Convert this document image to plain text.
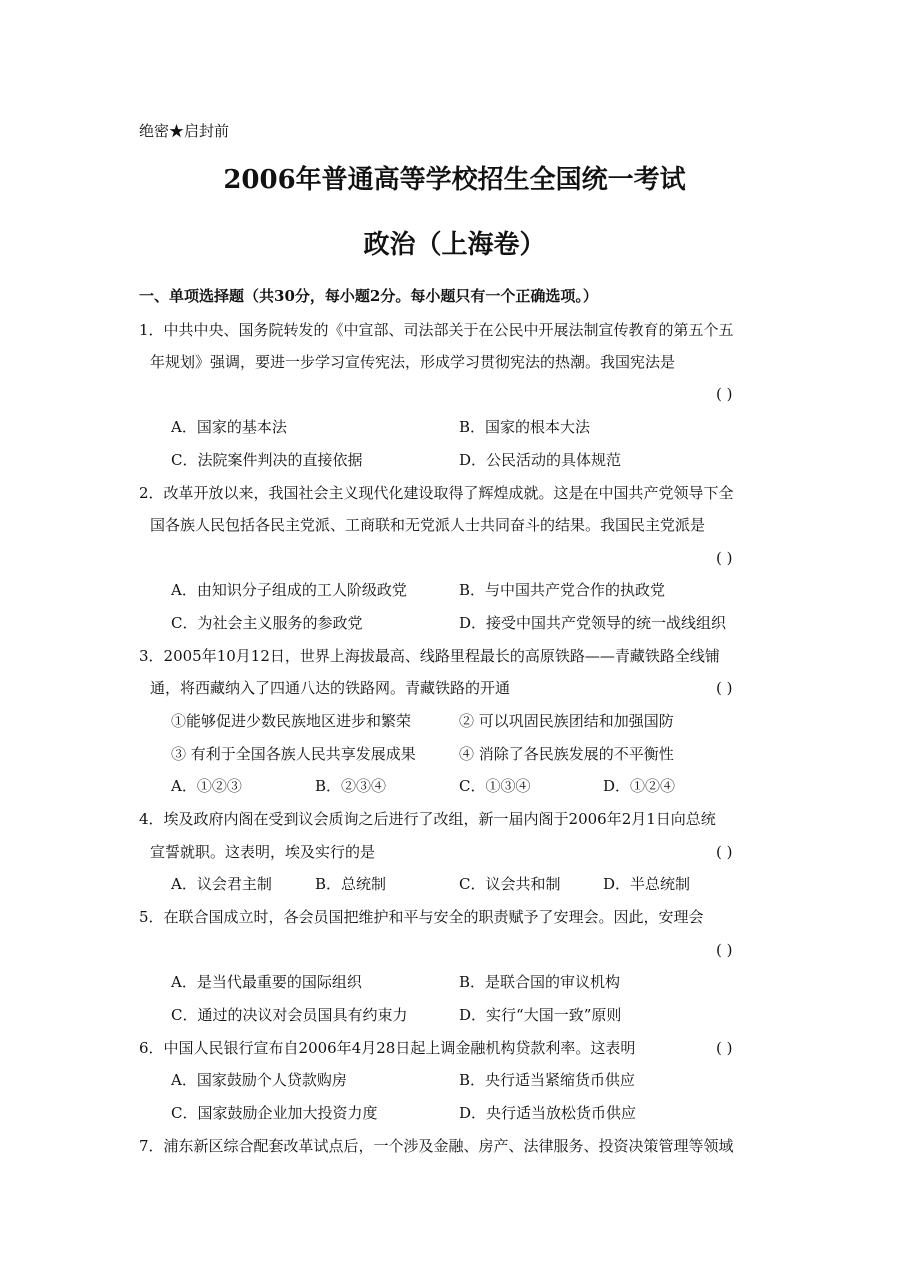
绝密★启封前
2006年普通高等学校招生全国统一考试
政治（上海卷）
一、单项选择题（共30分，每小题2分。每小题只有一个正确选项。）
1．中共中央、国务院转发的《中宣部、司法部关于在公民中开展法制宣传教育的第五个五
年规划》强调，要进一步学习宣传宪法，形成学习贯彻宪法的热潮。我国宪法是
( )
A．国家的基本法	B．国家的根本大法
C．法院案件判决的直接依据	D．公民活动的具体规范
2．改革开放以来，我国社会主义现代化建设取得了辉煌成就。这是在中国共产党领导下全
国各族人民包括各民主党派、工商联和无党派人士共同奋斗的结果。我国民主党派是
( )
A．由知识分子组成的工人阶级政党	B．与中国共产党合作的执政党
C．为社会主义服务的参政党	D．接受中国共产党领导的统一战线组织
3．2005年10月12日，世界上海拔最高、线路里程最长的高原铁路——青藏铁路全线铺
通，将西藏纳入了四通八达的铁路网。青藏铁路的开通	( )
①能够促进少数民族地区进步和繁荣	② 可以巩固民族团结和加强国防
③ 有利于全国各族人民共享发展成果	④ 消除了各民族发展的不平衡性
A．①②③	B．②③④	C．①③④	D．①②④
4．埃及政府内阁在受到议会质询之后进行了改组，新一届内阁于2006年2月1日向总统
宣誓就职。这表明，埃及实行的是	( )
A．议会君主制	B．总统制	C．议会共和制	D．半总统制
5．在联合国成立时，各会员国把维护和平与安全的职责赋予了安理会。因此，安理会
( )
A．是当代最重要的国际组织	B．是联合国的审议机构
C．通过的决议对会员国具有约束力	D．实行“大国一致”原则
6．中国人民银行宣布自2006年4月28日起上调金融机构贷款利率。这表明	( )
A．国家鼓励个人贷款购房	B．央行适当紧缩货币供应
C．国家鼓励企业加大投资力度	D．央行适当放松货币供应
7．浦东新区综合配套改革试点后，一个涉及金融、房产、法律服务、投资决策管理等领域
